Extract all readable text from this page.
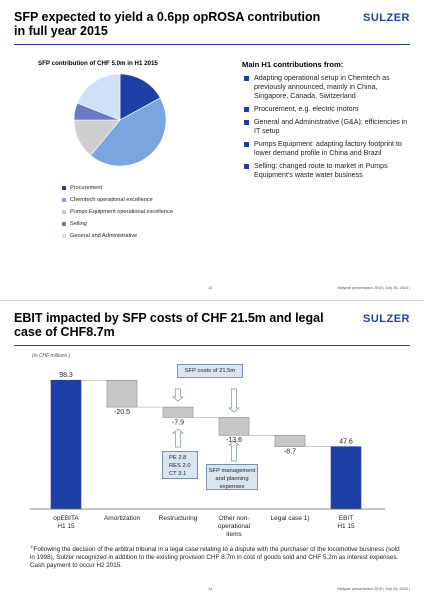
SFP expected to yield a 0.6pp opROSA contribution in full year 2015
SULZER
SFP contribution of CHF 5.0m in H1 2015
Procurement
Chemtech operational excellence
Pumps Equipment operational excellence
Selling
General and Administrative
Main H1 contributions from:
Adapting operational setup in Chemtech as previously announced, mainly in China, Singapore, Canada, Switzerland
Procurement, e.g. electric motors
General and Administrative (G&A): efficiencies in IT setup
Pumps Equipment: adapting factory footprint to lower demand profile in China and Brazil
Selling: changed route to market in Pumps Equipment’s waste water business
13	Midyear presentation 2015 | July 28, 2015 |
EBIT impacted by SFP costs of CHF 21.5m and legal case of CHF8.7m
SULZER
(in CHF millions )
98.3
-20.5
-7.9
-13.6
-8.7
47.6
opEBITA
H1 15
Amortization	Restructuring	Other non-
operational
items
Legal case 1)	EBIT
H1 15
SFP costs of 21.5m
PE 2.8
RES 2.0
CT 3.1	SFP management
and planning
expenses
$^{1)}$Following the decision of the arbitral tribunal in a legal case relating to a dispute with the purchaser of the locomotive business (sold in 1998), Sulzer recognized in addition to the existing provision CHF 8.7m in cost of goods sold and CHF 5.2m as interest expenses. Cash payment to occur H2 2015.
14	Midyear presentation 2015 | July 28, 2015 |
